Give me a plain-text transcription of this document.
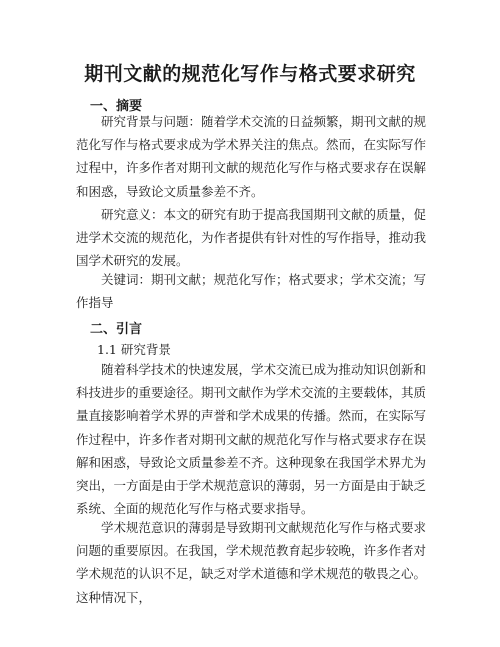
期刊文献的规范化写作与格式要求研究
一、摘要

研究背景与问题：随着学术交流的日益频繁，期刊文献的规范化写作与格式要求成为学术界关注的焦点。然而，在实际写作过程中，许多作者对期刊文献的规范化写作与格式要求存在误解和困惑，导致论文质量参差不齐。

研究意义：本文的研究有助于提高我国期刊文献的质量，促进学术交流的规范化，为作者提供有针对性的写作指导，推动我国学术研究的发展。

关键词：期刊文献；规范化写作；格式要求；学术交流；写作指导

二、引言
1.1 研究背景

随着科学技术的快速发展，学术交流已成为推动知识创新和科技进步的重要途径。期刊文献作为学术交流的主要载体，其质量直接影响着学术界的声誉和学术成果的传播。然而，在实际写作过程中，许多作者对期刊文献的规范化写作与格式要求存在误解和困惑，导致论文质量参差不齐。这种现象在我国学术界尤为突出，一方面是由于学术规范意识的薄弱，另一方面是由于缺乏系统、全面的规范化写作与格式要求指导。

学术规范意识的薄弱是导致期刊文献规范化写作与格式要求问题的重要原因。在我国，学术规范教育起步较晚，许多作者对学术规范的认识不足，缺乏对学术道德和学术规范的敬畏之心。这种情况下，
